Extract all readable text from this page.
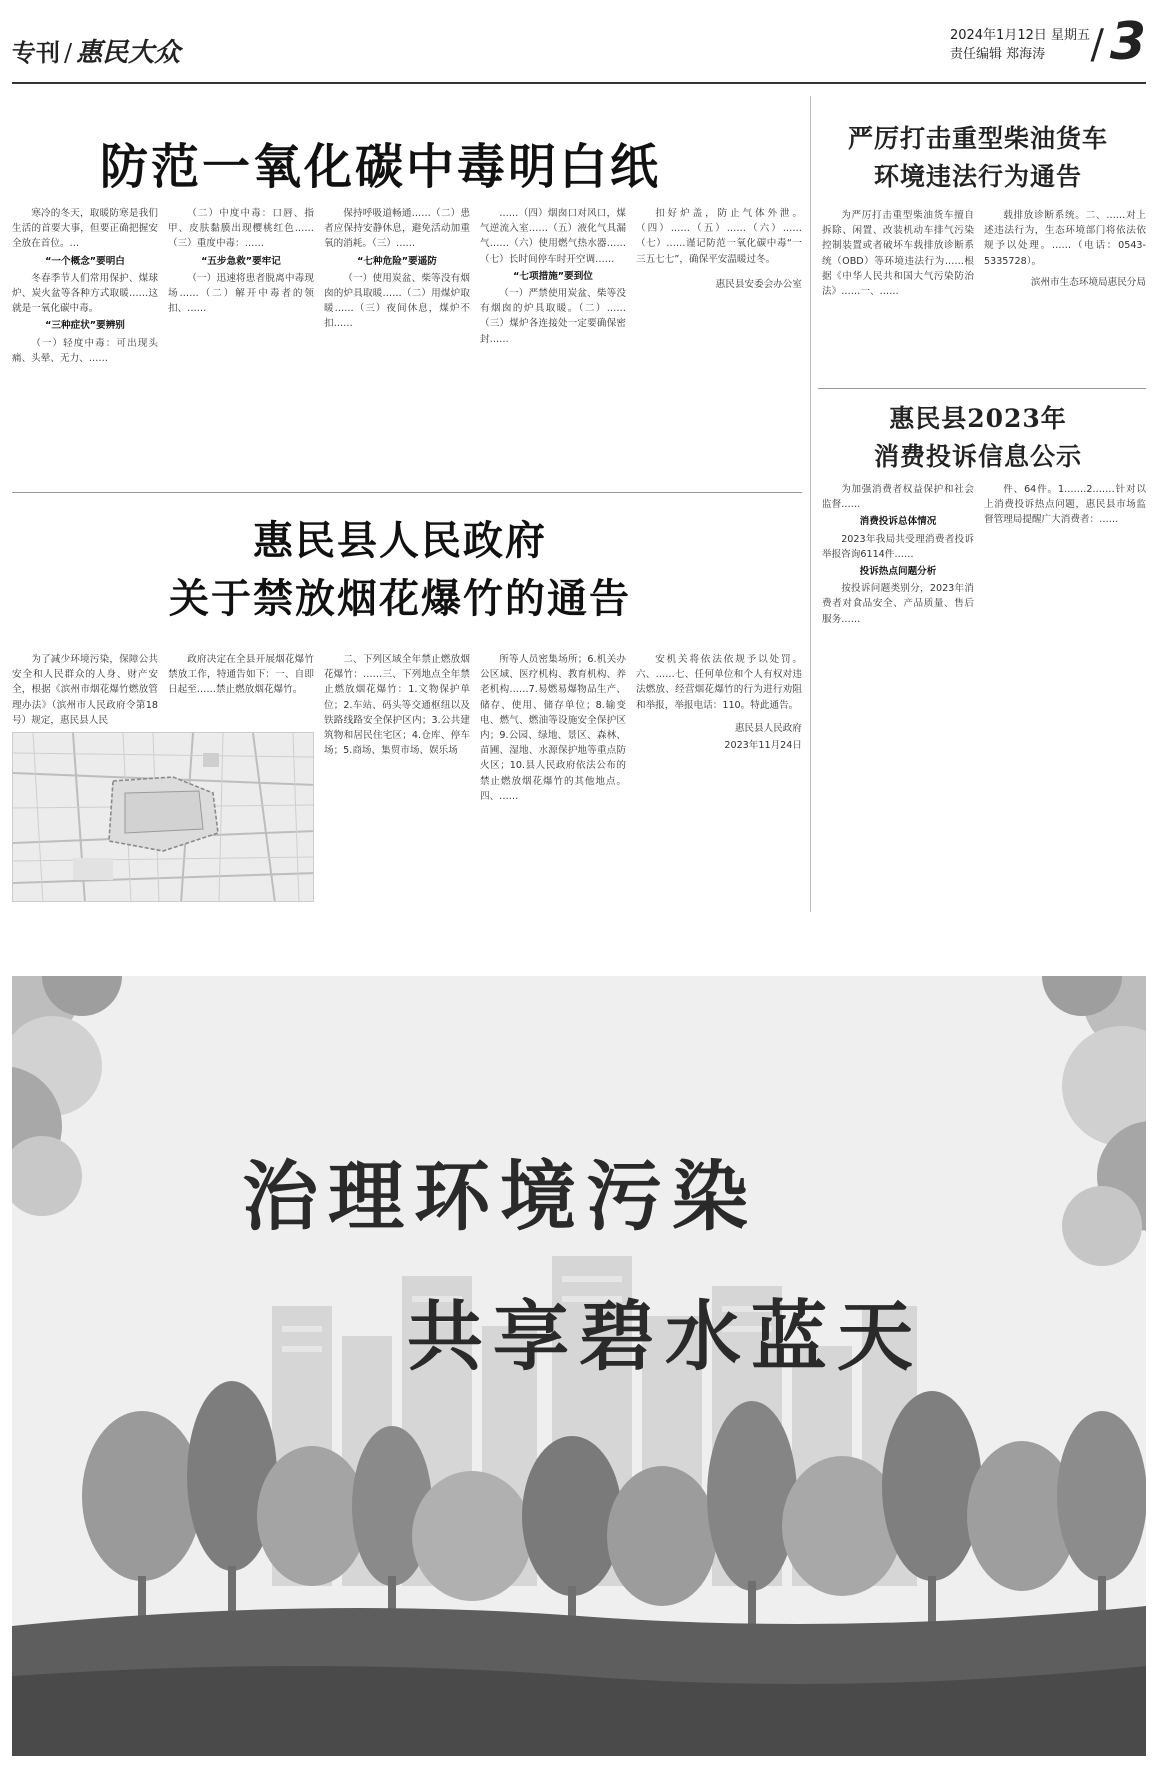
专刊 / 惠民大众
2024年1月12日 星期五
责任编辑 郑海涛	/ 3
防范一氧化碳中毒明白纸

寒冷的冬天，取暖防寒是我们生活的首要大事，但要正确把握安全放在首位。…

“一个概念”要明白

冬春季节人们常用保护、煤球炉、炭火盆等各种方式取暖……这就是一氧化碳中毒。

“三种症状”要辨别

（一）轻度中毒：可出现头痛、头晕、无力、……

（二）中度中毒：口唇、指甲、皮肤黏膜出现樱桃红色……（三）重度中毒：……

“五步急救”要牢记

（一）迅速将患者脱离中毒现场……（二）解开中毒者的领扣、……

保持呼吸道畅通……（二）患者应保持安静休息，避免活动加重氧的消耗。（三）……

“七种危险”要遥防

（一）使用炭盆、柴等没有烟囱的炉具取暖……（二）用煤炉取暖……（三）夜间休息，煤炉不扣……

……（四）烟囱口对风口，煤气逆流入室……（五）液化气具漏气……（六）使用燃气热水器……（七）长时间停车时开空调……

“七项措施”要到位

（一）严禁使用炭盆、柴等没有烟囱的炉具取暖。（二）……（三）煤炉各连接处一定要确保密封……

扣好炉盖，防止气体外泄。（四）……（五）……（六）……（七）……谨记防范一氧化碳中毒“一三五七七”，确保平安温暖过冬。

惠民县安委会办公室

惠民县人民政府
关于禁放烟花爆竹的通告

为了减少环境污染，保障公共安全和人民群众的人身、财产安全，根据《滨州市烟花爆竹燃放管理办法》（滨州市人民政府令第18号）规定，惠民县人民

政府决定在全县开展烟花爆竹禁放工作，特通告如下：一、自即日起至……禁止燃放烟花爆竹。

二、下列区域全年禁止燃放烟花爆竹：……三、下列地点全年禁止燃放烟花爆竹：1.文物保护单位；2.车站、码头等交通枢纽以及铁路线路安全保护区内；3.公共建筑物和居民住宅区；4.仓库、停车场；5.商场、集贸市场、娱乐场

所等人员密集场所；6.机关办公区域、医疗机构、教育机构、养老机构……7.易燃易爆物品生产、储存、使用、储存单位；8.输变电、燃气、燃油等设施安全保护区内；9.公园、绿地、景区、森林、苗圃、湿地、水源保护地等重点防火区；10.县人民政府依法公布的禁止燃放烟花爆竹的其他地点。四、……

安机关将依法依规予以处罚。六、……七、任何单位和个人有权对违法燃放、经营烟花爆竹的行为进行劝阻和举报，举报电话：110。特此通告。

惠民县人民政府

2023年11月24日

严厉打击重型柴油货车
环境违法行为通告

为严厉打击重型柴油货车擅自拆除、闲置、改装机动车排气污染控制装置或者破坏车载排放诊断系统（OBD）等环境违法行为……根据《中华人民共和国大气污染防治法》……一、……

载排放诊断系统。二、……对上述违法行为，生态环境部门将依法依规予以处理。……（电话：0543-5335728）。

滨州市生态环境局惠民分局

惠民县2023年
消费投诉信息公示

为加强消费者权益保护和社会监督……

消费投诉总体情况

2023年我局共受理消费者投诉举报咨询6114件……

投诉热点问题分析

按投诉问题类别分，2023年消费者对食品安全、产品质量、售后服务……

件、64件。1.……2.……针对以上消费投诉热点问题，惠民县市场监督管理局提醒广大消费者：……

治理环境污染
共享碧水蓝天
